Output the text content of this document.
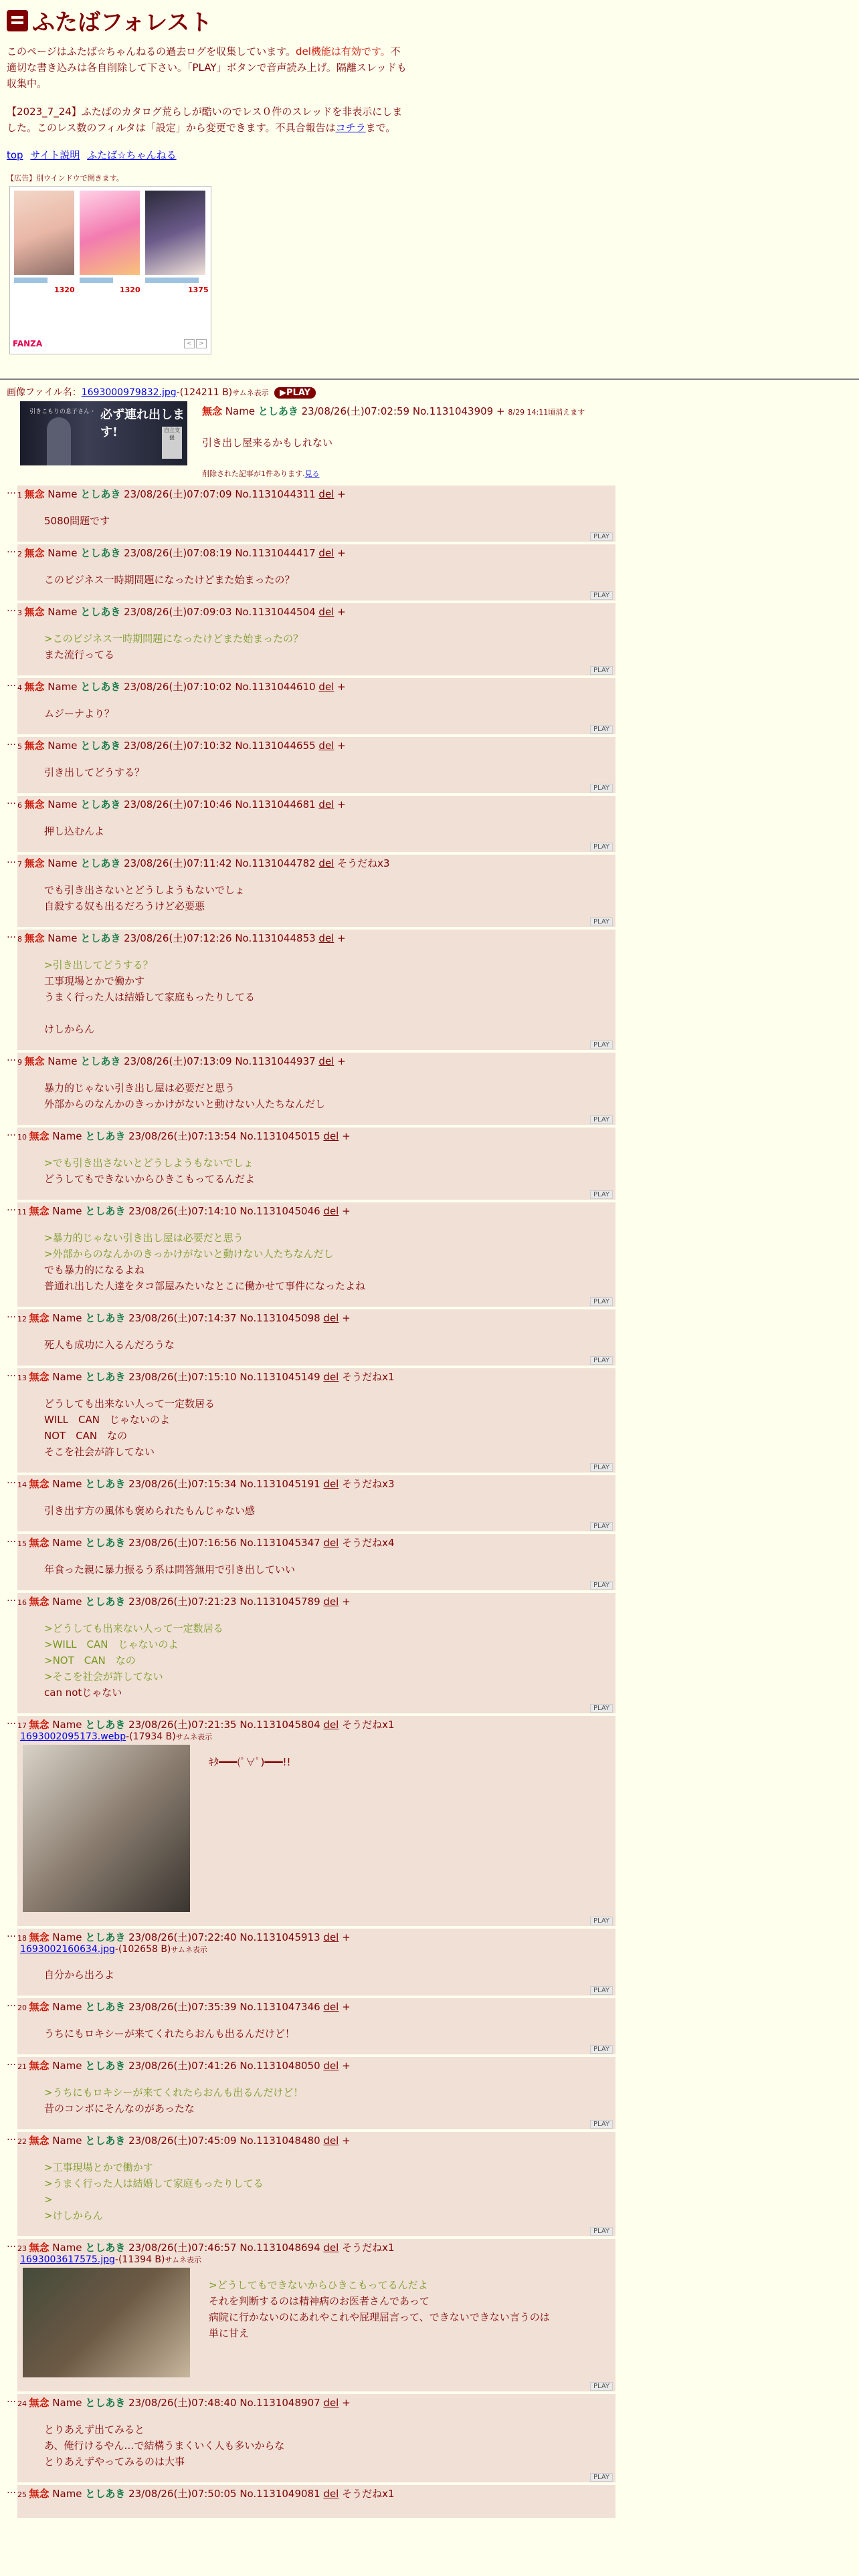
ふたばフォレスト
このページはふたば☆ちゃんねるの過去ログを収集しています。del機能は有効です。不適切な書き込みは各自削除して下さい。「PLAY」ボタンで音声読み上げ。隔離スレッドも収集中。
【2023_7_24】ふたばのカタログ荒らしが酷いのでレス０件のスレッドを非表示にしました。このレス数のフィルタは「設定」から変更できます。不具合報告はコチラまで。
top サイト説明 ふたば☆ちゃんねる
【広告】別ウインドウで開きます。
1320	1320	1375
FANZA	<	>
画像ファイル名：1693000979832.jpg-(124211 B)サムネ表示 ▶PLAY
引きこもりの息子さん・ 必ず連れ出します!	自立支援
無念 Name としあき 23/08/26(土)07:02:59 No.1131043909 + 8/29 14:11頃消えます
引き出し屋来るかもしれない
削除された記事が1件あります.見る
… 1 無念 Name としあき 23/08/26(土)07:07:09 No.1131044311 del +
5080問題です
PLAY
… 2 無念 Name としあき 23/08/26(土)07:08:19 No.1131044417 del +
このビジネス一時期問題になったけどまた始まったの？
PLAY
… 3 無念 Name としあき 23/08/26(土)07:09:03 No.1131044504 del +
>このビジネス一時期問題になったけどまた始まったの？
また流行ってる
PLAY
… 4 無念 Name としあき 23/08/26(土)07:10:02 No.1131044610 del +
ムジーナより？
PLAY
… 5 無念 Name としあき 23/08/26(土)07:10:32 No.1131044655 del +
引き出してどうする？
PLAY
… 6 無念 Name としあき 23/08/26(土)07:10:46 No.1131044681 del +
押し込むんよ
PLAY
… 7 無念 Name としあき 23/08/26(土)07:11:42 No.1131044782 del そうだねx3
でも引き出さないとどうしようもないでしょ
自殺する奴も出るだろうけど必要悪
PLAY
… 8 無念 Name としあき 23/08/26(土)07:12:26 No.1131044853 del +
>引き出してどうする？
工事現場とかで働かす
うまく行った人は結婚して家庭もったりしてる

けしからん
PLAY
… 9 無念 Name としあき 23/08/26(土)07:13:09 No.1131044937 del +
暴力的じゃない引き出し屋は必要だと思う
外部からのなんかのきっかけがないと動けない人たちなんだし
PLAY
… 10 無念 Name としあき 23/08/26(土)07:13:54 No.1131045015 del +
>でも引き出さないとどうしようもないでしょ
どうしてもできないからひきこもってるんだよ
PLAY
… 11 無念 Name としあき 23/08/26(土)07:14:10 No.1131045046 del +
>暴力的じゃない引き出し屋は必要だと思う
>外部からのなんかのきっかけがないと動けない人たちなんだし
でも暴力的になるよね
普通れ出した人達をタコ部屋みたいなとこに働かせて事件になったよね
PLAY
… 12 無念 Name としあき 23/08/26(土)07:14:37 No.1131045098 del +
死人も成功に入るんだろうな
PLAY
… 13 無念 Name としあき 23/08/26(土)07:15:10 No.1131045149 del そうだねx1
どうしても出来ない人って一定数居る
WILL　CAN　じゃないのよ
NOT　CAN　なの
そこを社会が許してない
PLAY
… 14 無念 Name としあき 23/08/26(土)07:15:34 No.1131045191 del そうだねx3
引き出す方の風体も褒められたもんじゃない感
PLAY
… 15 無念 Name としあき 23/08/26(土)07:16:56 No.1131045347 del そうだねx4
年食った親に暴力振るう系は問答無用で引き出していい
PLAY
… 16 無念 Name としあき 23/08/26(土)07:21:23 No.1131045789 del +
>どうしても出来ない人って一定数居る
>WILL　CAN　じゃないのよ
>NOT　CAN　なの
>そこを社会が許してない
can notじゃない
PLAY
… 17 無念 Name としあき 23/08/26(土)07:21:35 No.1131045804 del そうだねx1
1693002095173.webp-(17934 B)サムネ表示
ｷﾀ━━━(ﾟ∀ﾟ)━━━!!
PLAY
… 18 無念 Name としあき 23/08/26(土)07:22:40 No.1131045913 del +
1693002160634.jpg-(102658 B)サムネ表示
自分から出ろよ
PLAY
… 20 無念 Name としあき 23/08/26(土)07:35:39 No.1131047346 del +
うちにもロキシーが来てくれたらおんも出るんだけど！
PLAY
… 21 無念 Name としあき 23/08/26(土)07:41:26 No.1131048050 del +
>うちにもロキシーが来てくれたらおんも出るんだけど！
昔のコンボにそんなのがあったな
PLAY
… 22 無念 Name としあき 23/08/26(土)07:45:09 No.1131048480 del +
>工事現場とかで働かす
>うまく行った人は結婚して家庭もったりしてる
>
>けしからん
PLAY
… 23 無念 Name としあき 23/08/26(土)07:46:57 No.1131048694 del そうだねx1
1693003617575.jpg-(11394 B)サムネ表示
>どうしてもできないからひきこもってるんだよ
それを判断するのは精神病のお医者さんであって
病院に行かないのにあれやこれや屁理屈言って、できないできない言うのは
単に甘え
PLAY
… 24 無念 Name としあき 23/08/26(土)07:48:40 No.1131048907 del +
とりあえず出てみると
あ、俺行けるやん…で結構うまくいく人も多いからな
とりあえずやってみるのは大事
PLAY
… 25 無念 Name としあき 23/08/26(土)07:50:05 No.1131049081 del そうだねx1
